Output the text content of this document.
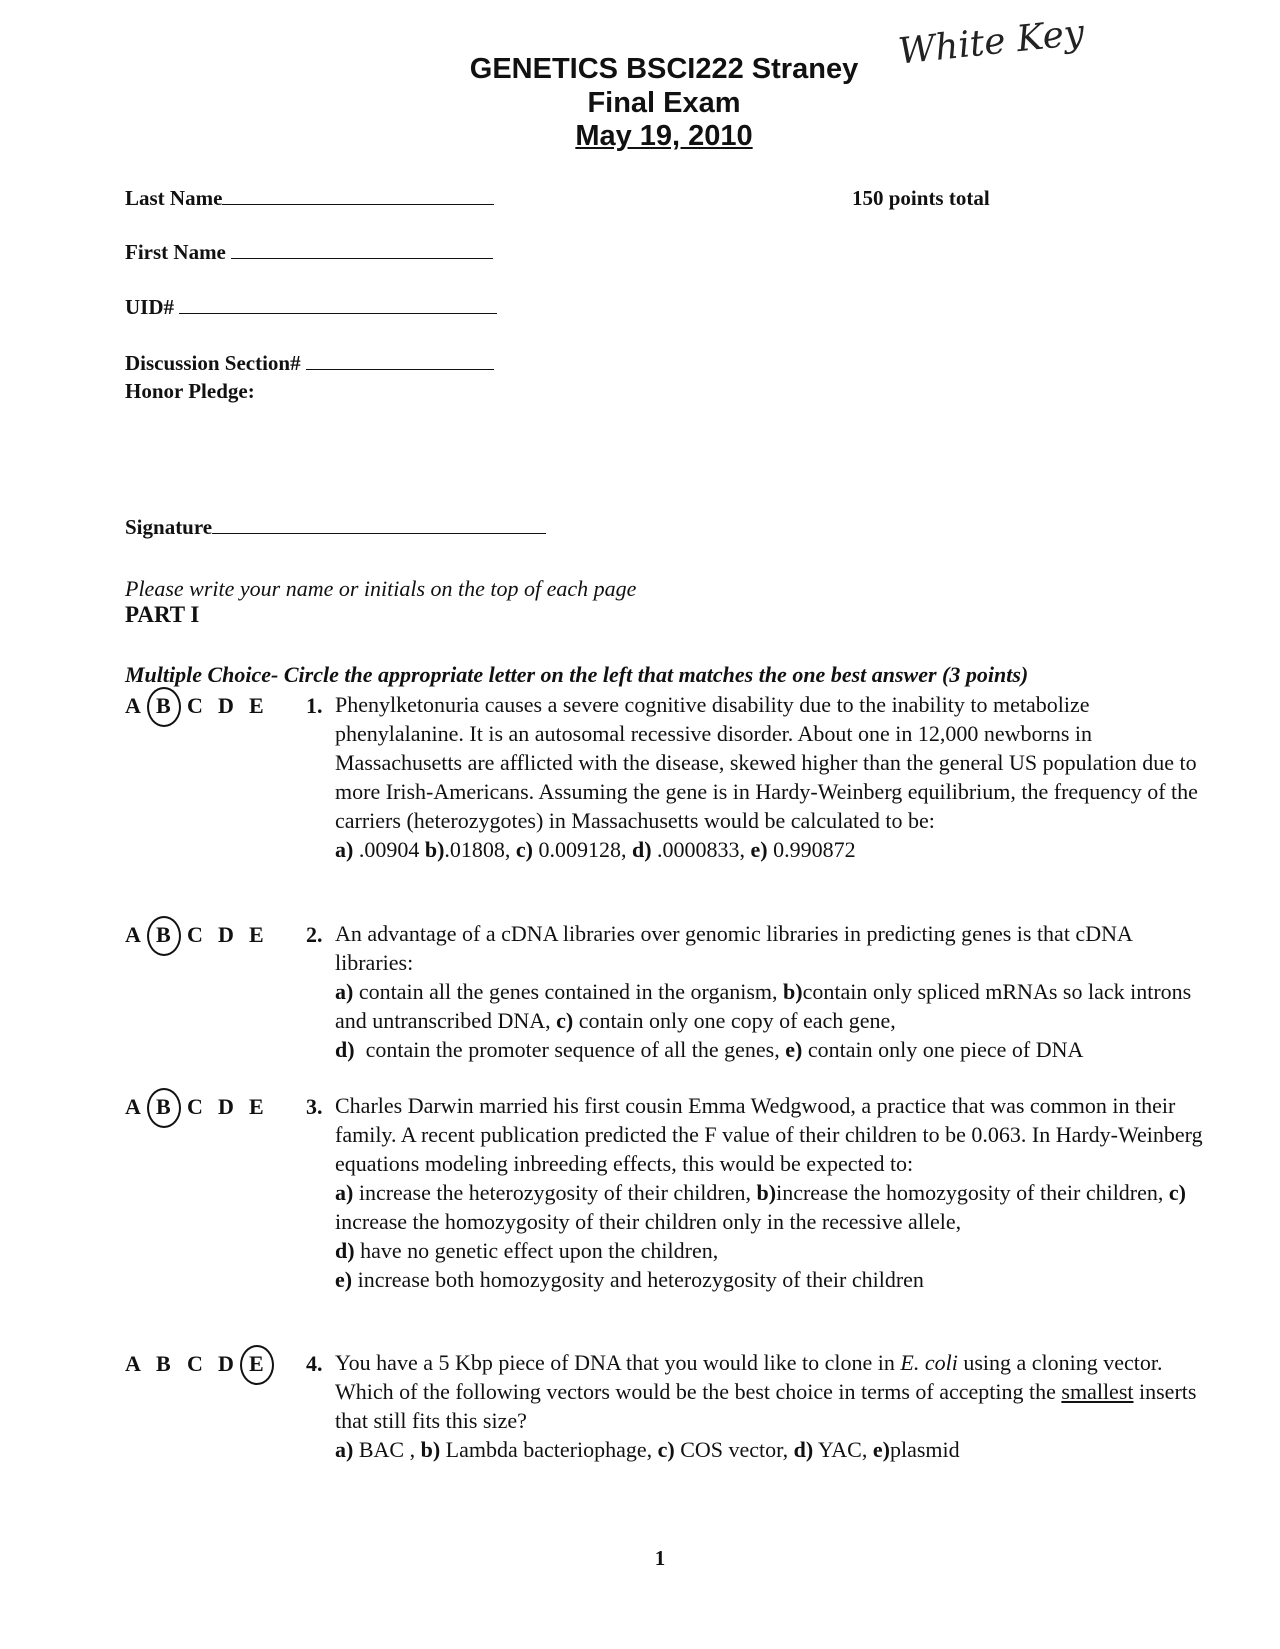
GENETICS BSCI222 Straney
Final Exam
May 19, 2010
White Key
Last Name	150 points total
First Name
UID#
Discussion Section#
Honor Pledge:
Signature
Please write your name or initials on the top of each page
PART I
Multiple Choice- Circle the appropriate letter on the left that matches the one best answer (3 points)
A B C D E	1. Phenylketonuria causes a severe cognitive disability due to the inability to metabolize phenylalanine. It is an autosomal recessive disorder. About one in 12,000 newborns in Massachusetts are afflicted with the disease, skewed higher than the general US population due to more Irish-Americans. Assuming the gene is in Hardy-Weinberg equilibrium, the frequency of the carriers (heterozygotes) in Massachusetts would be calculated to be:

a) .00904 b).01808, c) 0.009128, d) .0000833, e) 0.990872

A B C D E	2. An advantage of a cDNA libraries over genomic libraries in predicting genes is that cDNA libraries:

a) contain all the genes contained in the organism, b)contain only spliced mRNAs so lack introns and untranscribed DNA, c) contain only one copy of each gene,

d) contain the promoter sequence of all the genes, e) contain only one piece of DNA

A B C D E	3. Charles Darwin married his first cousin Emma Wedgwood, a practice that was common in their family. A recent publication predicted the F value of their children to be 0.063. In Hardy-Weinberg equations modeling inbreeding effects, this would be expected to:

a) increase the heterozygosity of their children, b)increase the homozygosity of their children, c) increase the homozygosity of their children only in the recessive allele,

d) have no genetic effect upon the children,

e) increase both homozygosity and heterozygosity of their children

A B C D E	4. You have a 5 Kbp piece of DNA that you would like to clone in E. coli using a cloning vector. Which of the following vectors would be the best choice in terms of accepting the smallest inserts that still fits this size?

a) BAC , b) Lambda bacteriophage, c) COS vector, d) YAC, e)plasmid

1
